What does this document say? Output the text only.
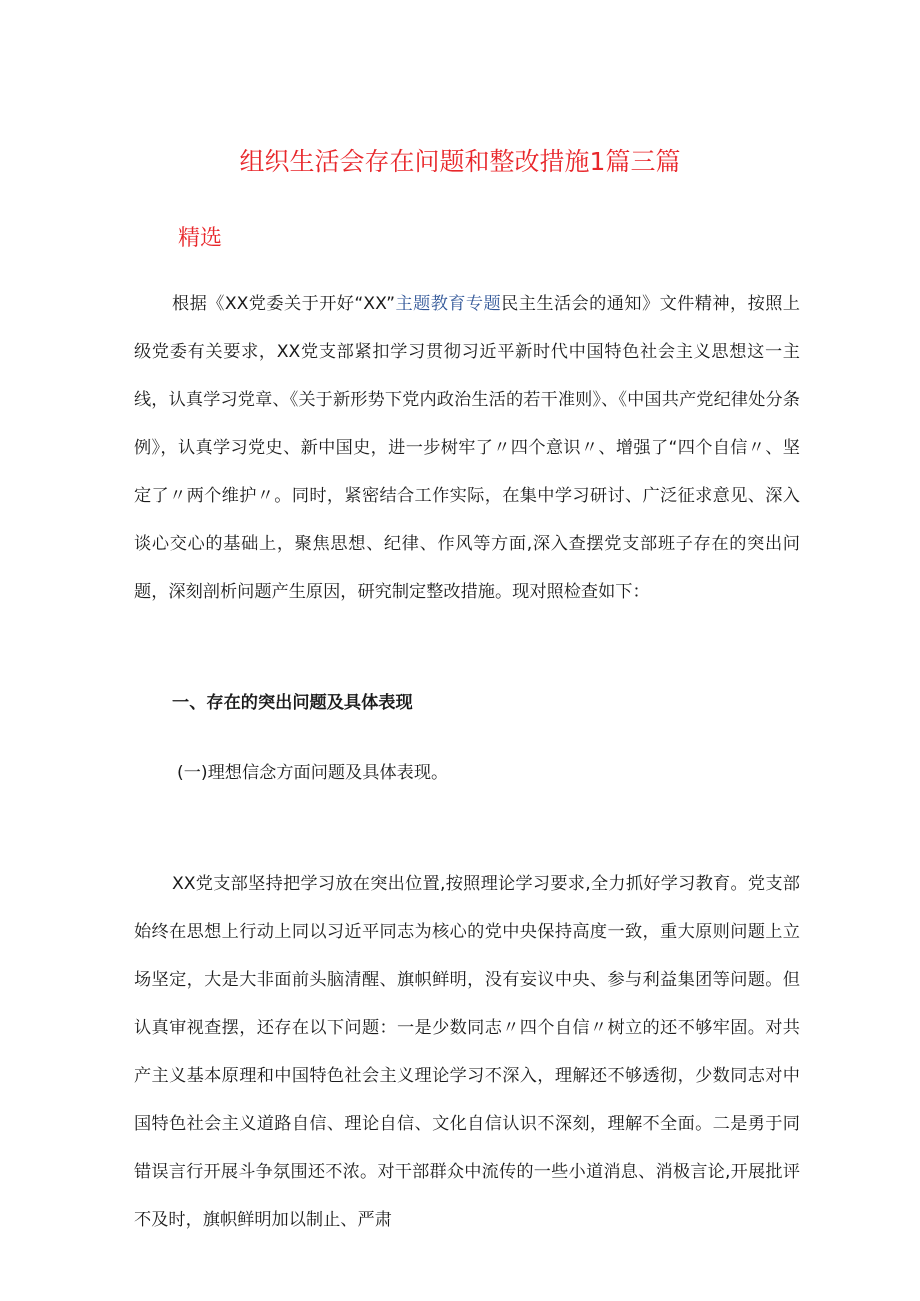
组织生活会存在问题和整改措施1篇三篇
精选
根据《XX党委关于开好“XX”主题教育专题民主生活会的通知》文件精神，按照上级党委有关要求，XX党支部紧扣学习贯彻习近平新时代中国特色社会主义思想这一主线，认真学习党章、《关于新形势下党内政治生活的若干准则》、《中国共产党纪律处分条例》，认真学习党史、新中国史，进一步树牢了〃四个意识〃、增强了“四个自信〃、坚定了〃两个维护〃。同时，紧密结合工作实际，在集中学习研讨、广泛征求意见、深入谈心交心的基础上，聚焦思想、纪律、作风等方面,深入查摆党支部班子存在的突出问题，深刻剖析问题产生原因，研究制定整改措施。现对照检查如下：
一、存在的突出问题及具体表现
(一)理想信念方面问题及具体表现。
XX党支部坚持把学习放在突出位置,按照理论学习要求,全力抓好学习教育。党支部始终在思想上行动上同以习近平同志为核心的党中央保持高度一致，重大原则问题上立场坚定，大是大非面前头脑清醒、旗帜鲜明，没有妄议中央、参与利益集团等问题。但认真审视查摆，还存在以下问题：一是少数同志〃四个自信〃树立的还不够牢固。对共产主义基本原理和中国特色社会主义理论学习不深入，理解还不够透彻，少数同志对中国特色社会主义道路自信、理论自信、文化自信认识不深刻，理解不全面。二是勇于同错误言行开展斗争氛围还不浓。对干部群众中流传的一些小道消息、消极言论,开展批评不及时，旗帜鲜明加以制止、严肃
